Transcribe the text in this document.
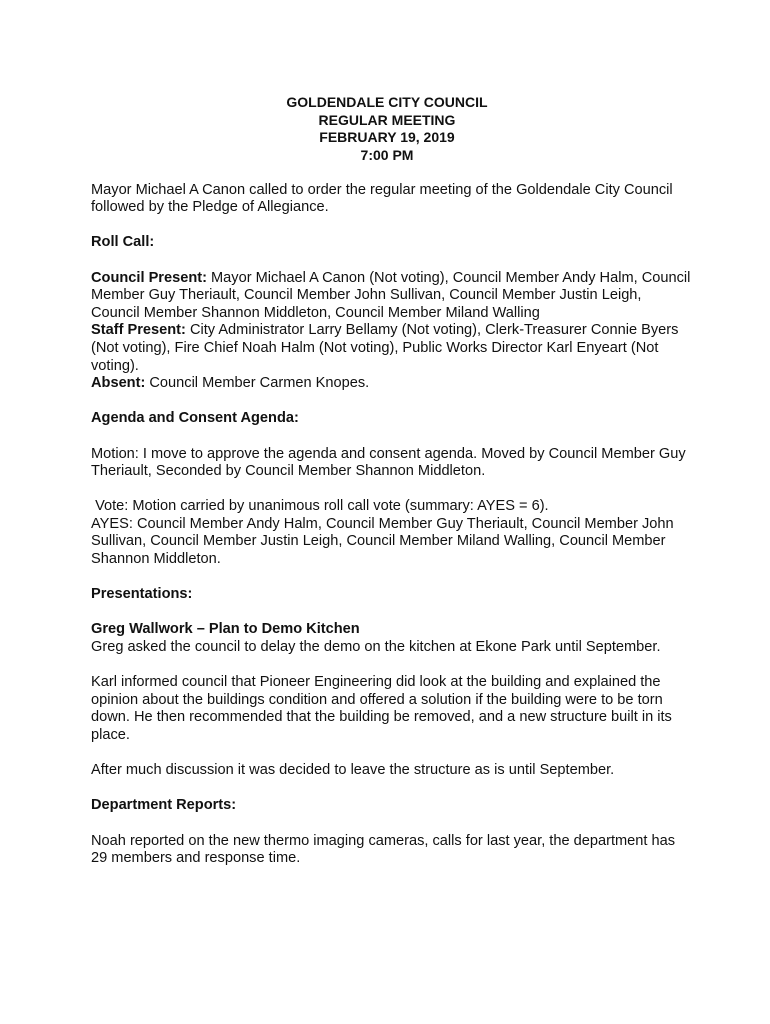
GOLDENDALE CITY COUNCIL
REGULAR MEETING
FEBRUARY 19, 2019
7:00 PM

Mayor Michael A Canon called to order the regular meeting of the Goldendale City Council followed by the Pledge of Allegiance.

Roll Call:

Council Present: Mayor Michael A Canon (Not voting), Council Member Andy Halm, Council Member Guy Theriault, Council Member John Sullivan, Council Member Justin Leigh, Council Member Shannon Middleton, Council Member Miland Walling

Staff Present: City Administrator Larry Bellamy (Not voting), Clerk-Treasurer Connie Byers (Not voting), Fire Chief Noah Halm (Not voting), Public Works Director Karl Enyeart (Not voting).

Absent: Council Member Carmen Knopes.

Agenda and Consent Agenda:

Motion: I move to approve the agenda and consent agenda. Moved by Council Member Guy Theriault, Seconded by Council Member Shannon Middleton.

Vote: Motion carried by unanimous roll call vote (summary: AYES = 6).

AYES: Council Member Andy Halm, Council Member Guy Theriault, Council Member John Sullivan, Council Member Justin Leigh, Council Member Miland Walling, Council Member Shannon Middleton.

Presentations:

Greg Wallwork – Plan to Demo Kitchen

Greg asked the council to delay the demo on the kitchen at Ekone Park until September.

Karl informed council that Pioneer Engineering did look at the building and explained the opinion about the buildings condition and offered a solution if the building were to be torn down. He then recommended that the building be removed, and a new structure built in its place.

After much discussion it was decided to leave the structure as is until September.

Department Reports:

Noah reported on the new thermo imaging cameras, calls for last year, the department has 29 members and response time.
